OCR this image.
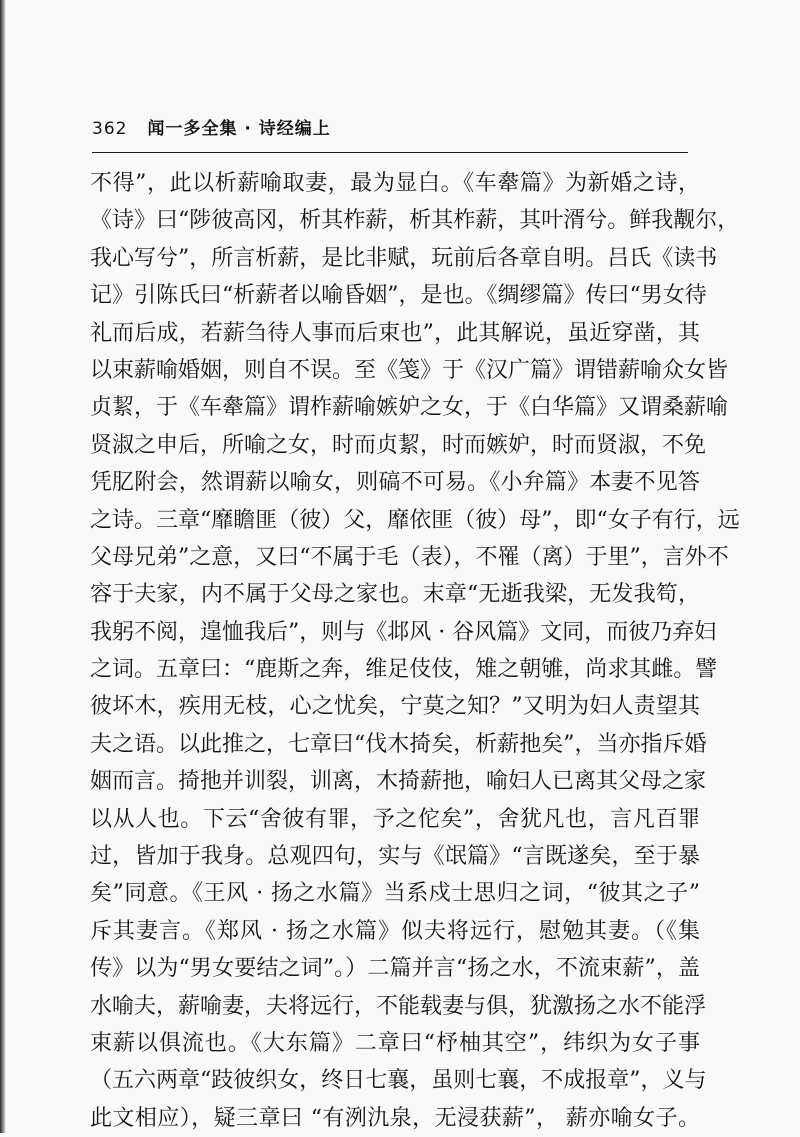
362 闻一多全集 · 诗经编上
不得”，此以析薪喻取妻，最为显白。《车舝篇》为新婚之诗，
《诗》曰“陟彼高冈，析其柞薪，析其柞薪，其叶湑兮。鲜我觏尔，
我心写兮”，所言析薪，是比非赋，玩前后各章自明。吕氏《读书
记》引陈氏曰“析薪者以喻昏姻”，是也。《绸缪篇》传曰“男女待
礼而后成，若薪刍待人事而后束也”，此其解说，虽近穿凿，其
以束薪喻婚姻，则自不误。至《笺》于《汉广篇》谓错薪喻众女皆
贞絜，于《车舝篇》谓柞薪喻嫉妒之女，于《白华篇》又谓桑薪喻
贤淑之申后，所喻之女，时而贞絜，时而嫉妒，时而贤淑，不免
凭肊附会，然谓薪以喻女，则碻不可易。《小弁篇》本妻不见答
之诗。三章“靡瞻匪（彼）父，靡依匪（彼）母”，即“女子有行，远
父母兄弟”之意，又曰“不属于毛（表），不罹（离）于里”，言外不
容于夫家，内不属于父母之家也。末章“无逝我梁，无发我笱，
我躬不阅，遑恤我后”，则与《邶风 · 谷风篇》文同，而彼乃弃妇
之词。五章曰：“鹿斯之奔，维足伎伎，雉之朝雊，尚求其雌。譬
彼坏木，疾用无枝，心之忧矣，宁莫之知？”又明为妇人责望其
夫之语。以此推之，七章曰“伐木掎矣，析薪扡矣”，当亦指斥婚
姻而言。掎扡并训裂，训离，木掎薪扡，喻妇人已离其父母之家
以从人也。下云“舍彼有罪，予之佗矣”，舍犹凡也，言凡百罪
过，皆加于我身。总观四句，实与《氓篇》“言既遂矣，至于暴
矣”同意。《王风 · 扬之水篇》当系戍士思归之词，“彼其之子”
斥其妻言。《郑风 · 扬之水篇》似夫将远行，慰勉其妻。（《集
传》以为“男女要结之词”。）二篇并言“扬之水，不流束薪”，盖
水喻夫，薪喻妻，夫将远行，不能载妻与俱，犹激扬之水不能浮
束薪以俱流也。《大东篇》二章曰“杼柚其空”，纬织为女子事
（五六两章“跂彼织女，终日七襄，虽则七襄，不成报章”，义与
此文相应），疑三章曰 “有洌氿泉，无浸获薪”， 薪亦喻女子。
